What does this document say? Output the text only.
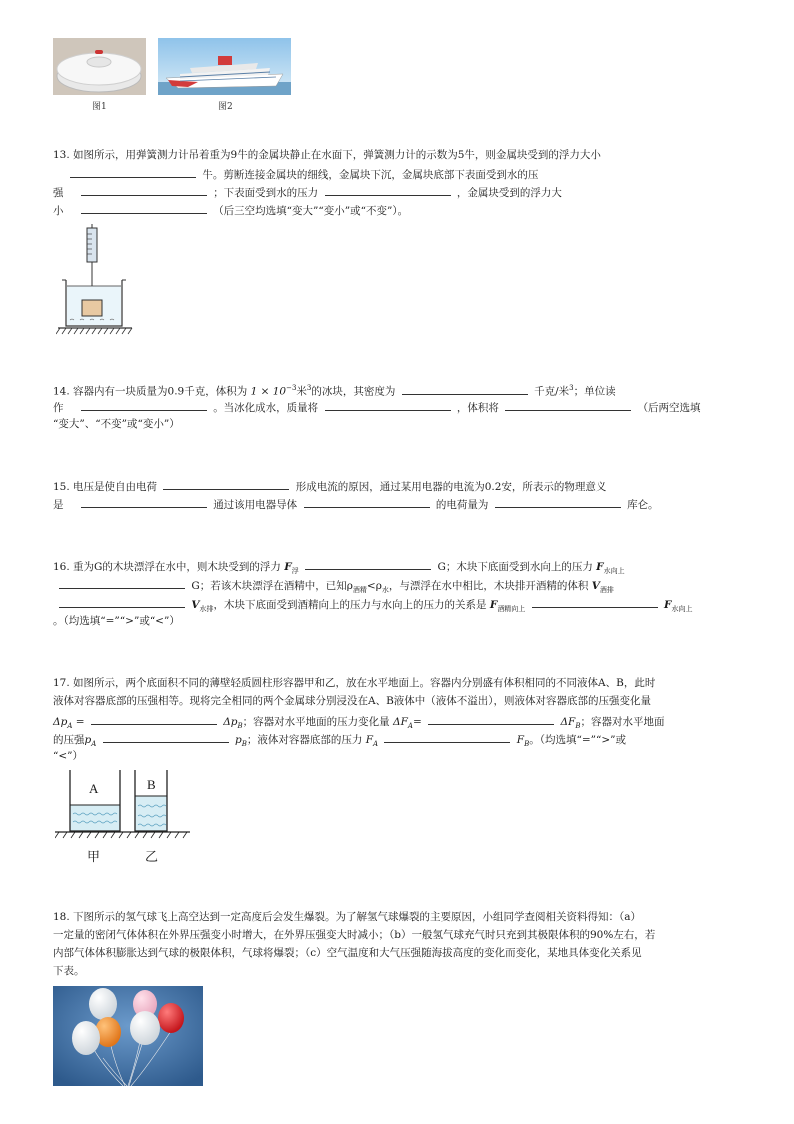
图1	图2
13. 如图所示，用弹簧测力计吊着重为9牛的金属块静止在水面下，弹簧测力计的示数为5牛，则金属块受到的浮力大小
牛。剪断连接金属块的细线，金属块下沉，金属块底部下表面受到水的压
强	；下表面受到水的压力	，金属块受到的浮力大
小	（后三空均选填“变大”“变小”或“不变”）。
14. 容器内有一块质量为0.9千克，体积为 $1 \times 10^{-3}$米$^3$的冰块，其密度为	千克/米$^3$；单位读
作	。当冰化成水，质量将	，体积将	（后两空选填
“变大”、“不变”或“变小”）
15. 电压是使自由电荷	形成电流的原因，通过某用电器的电流为0.2安，所表示的物理意义
是	通过该用电器导体	的电荷量为	库仑。
16. 重为G的木块漂浮在水中，则木块受到的浮力 $F_浮$	G；木块下底面受到水向上的压力 $F_{水向上}$
G；若该木块漂浮在酒精中，已知$\rho_{酒精}<\rho_水$，与漂浮在水中相比，木块排开酒精的体积 $V_{酒排}$
$V_{水排}$，木块下底面受到酒精向上的压力与水向上的压力的关系是 $F_{酒精向上}$	$F_{水向上}$
。（均选填“=”“>”或“<”）
17. 如图所示，两个底面积不同的薄壁轻质圆柱形容器甲和乙，放在水平地面上。容器内分别盛有体积相同的不同液体A、B，此时
液体对容器底部的压强相等。现将完全相同的两个金属球分别浸没在A、B液体中（液体不溢出），则液体对容器底部的压强变化量
$\Delta p_A$ =	$\Delta p_B$；容器对水平地面的压力变化量 $\Delta F_A=$	$\Delta F_B$；容器对水平地面
的压强$p_A$	$p_B$；液体对容器底部的压力 $F_A$	$F_B$。（均选填“=”“>”或
“<”）
A	B
甲	乙
18. 下图所示的氢气球飞上高空达到一定高度后会发生爆裂。为了解氢气球爆裂的主要原因，小组同学查阅相关资料得知：（a）
一定量的密闭气体体积在外界压强变小时增大，在外界压强变大时减小；（b）一般氢气球充气时只充到其极限体积的90%左右，若
内部气体体积膨胀达到气球的极限体积，气球将爆裂；（c）空气温度和大气压强随海拔高度的变化而变化，某地具体变化关系见
下表。
